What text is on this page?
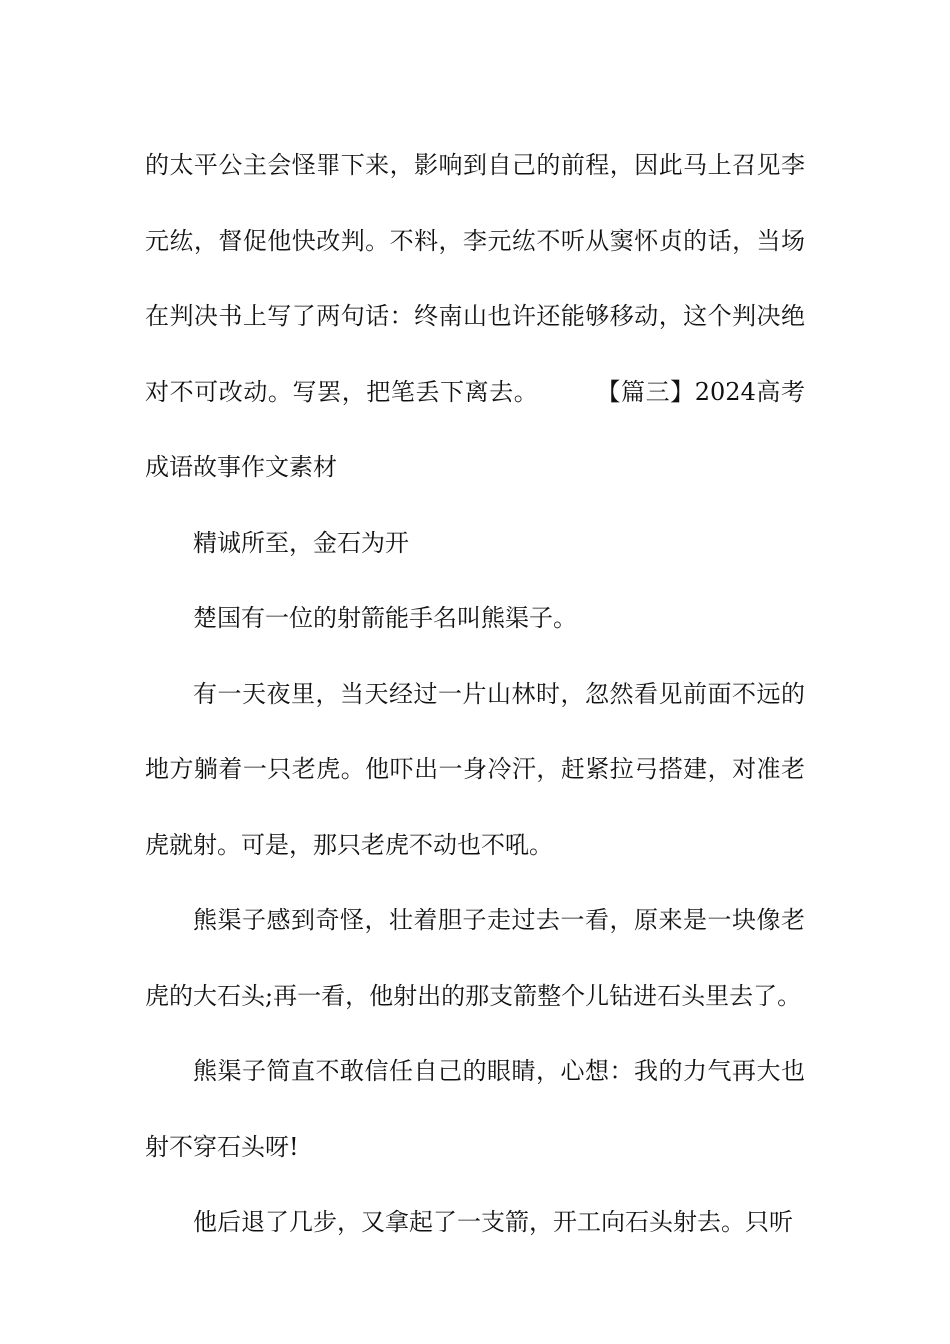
的太平公主会怪罪下来，影响到自己的前程，因此马上召见李元纮，督促他快改判。不料，李元纮不听从窦怀贞的话，当场在判决书上写了两句话：终南山也许还能够移动，这个判决绝对不可改动。写罢，把笔丢下离去。	【篇三】2024高考成语故事作文素材

精诚所至，金石为开

楚国有一位的射箭能手名叫熊渠子。

有一天夜里，当天经过一片山林时，忽然看见前面不远的地方躺着一只老虎。他吓出一身冷汗，赶紧拉弓搭建，对准老虎就射。可是，那只老虎不动也不吼。

熊渠子感到奇怪，壮着胆子走过去一看，原来是一块像老虎的大石头;再一看，他射出的那支箭整个儿钻进石头里去了。

熊渠子简直不敢信任自己的眼睛，心想：我的力气再大也射不穿石头呀!

他后退了几步，又拿起了一支箭，开工向石头射去。只听
